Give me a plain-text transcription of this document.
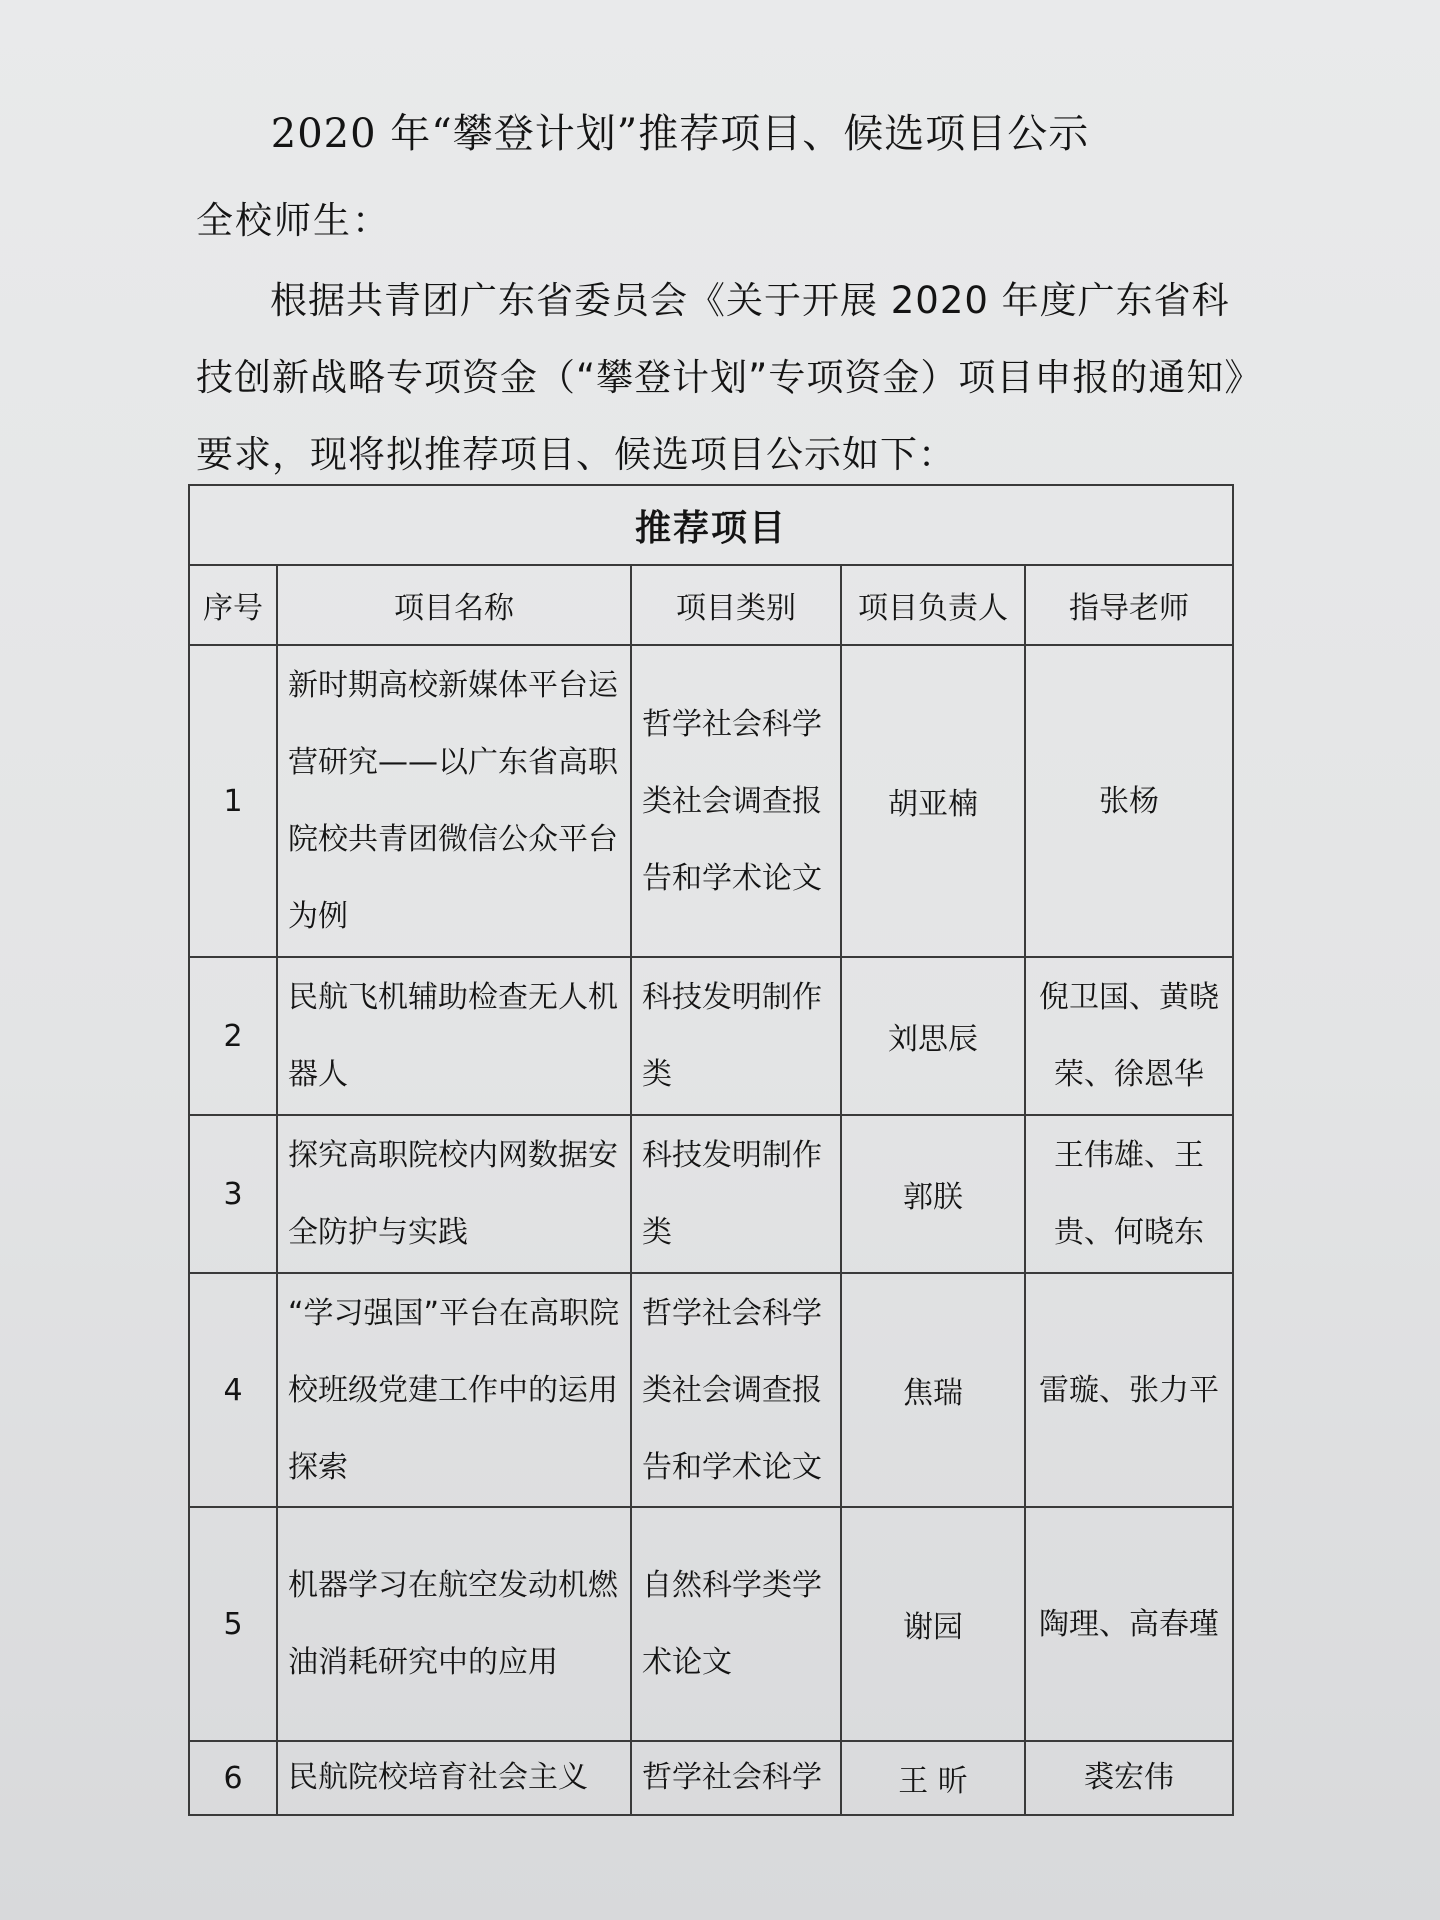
2020 年“攀登计划”推荐项目、候选项目公示
全校师生：

根据共青团广东省委员会《关于开展 2020 年度广东省科技创新战略专项资金（“攀登计划”专项资金）项目申报的通知》要求，现将拟推荐项目、候选项目公示如下：

推荐项目				
序号	项目名称	项目类别	项目负责人	指导老师
1	新时期高校新媒体平台运营研究——以广东省高职院校共青团微信公众平台为例	哲学社会科学类社会调查报告和学术论文	胡亚楠	张杨
2	民航飞机辅助检查无人机器人	科技发明制作类	刘思辰	倪卫国、黄晓荣、徐恩华
3	探究高职院校内网数据安全防护与实践	科技发明制作类	郭朕	王伟雄、王贵、何晓东
4	“学习强国”平台在高职院校班级党建工作中的运用探索	哲学社会科学类社会调查报告和学术论文	焦瑞	雷璇、张力平
5	机器学习在航空发动机燃油消耗研究中的应用	自然科学类学术论文	谢园	陶理、高春瑾
6	民航院校培育社会主义	哲学社会科学	王 昕	裘宏伟
